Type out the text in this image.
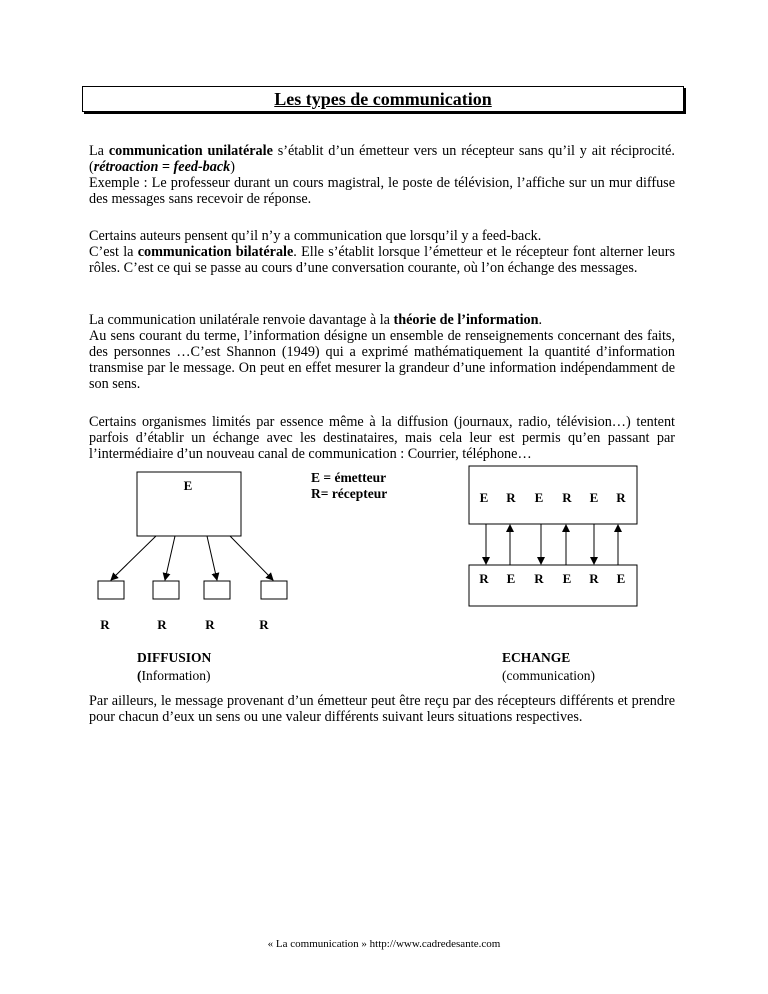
Les types de communication

La communication unilatérale s’établit d’un émetteur vers un récepteur sans qu’il y ait réciprocité. (rétroaction = feed-back)

Exemple : Le professeur durant un cours magistral, le poste de télévision, l’affiche sur un mur diffuse des messages sans recevoir de réponse.

Certains auteurs pensent qu’il n’y a communication que lorsqu’il y a feed-back.

C’est la communication bilatérale. Elle s’établit lorsque l’émetteur et le récepteur font alterner leurs rôles. C’est ce qui se passe au cours d’une conversation courante, où l’on échange des messages.

La communication unilatérale renvoie davantage à la théorie de l’information.

Au sens courant du terme, l’information désigne un ensemble de renseignements concernant des faits, des personnes …C’est Shannon (1949) qui a exprimé mathématiquement la quantité d’information transmise par le message. On peut en effet mesurer la grandeur d’une information indépendamment de son sens.

Certains organismes limités par essence même à la diffusion (journaux, radio, télévision…) tentent parfois d’établir un échange avec les destinataires, mais cela leur est permis qu’en passant par l’intermédiaire d’un nouveau canal de communication : Courrier, téléphone…

E
R	R	R	R
DIFFUSION
(Information)
E = émetteur
R= récepteur	E R E R E R
R E R E R E
ECHANGE
(communication)

Par ailleurs, le message provenant d’un émetteur peut être reçu par des récepteurs différents et prendre pour chacun d’eux un sens ou une valeur différents suivant leurs situations respectives.

« La communication » http://www.cadredesante.com
